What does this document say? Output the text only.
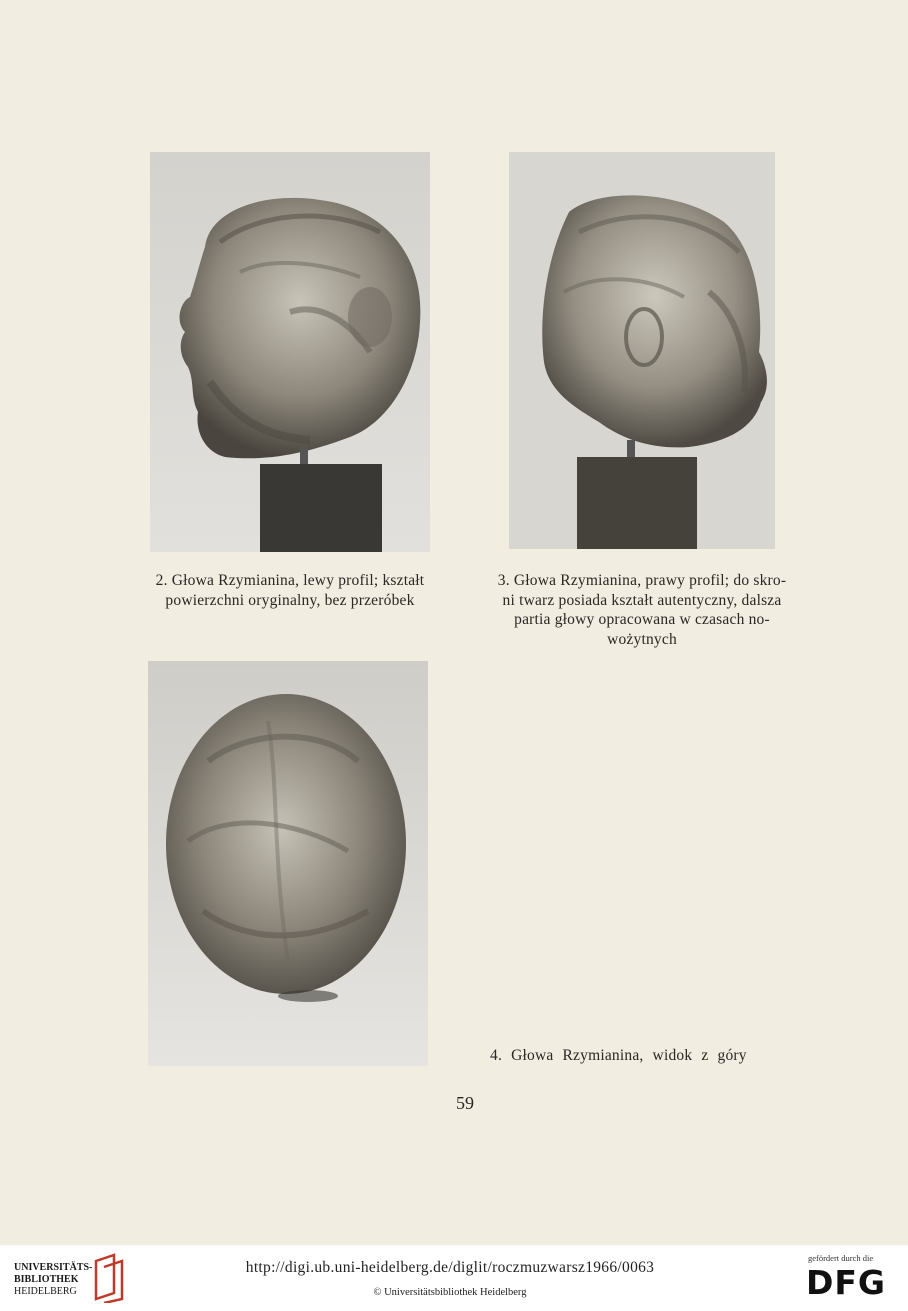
2. Głowa Rzymianina, lewy profil; kształt
powierzchni oryginalny, bez przeróbek
3. Głowa Rzymianina, prawy profil; do skro-
ni twarz posiada kształt autentyczny, dalsza
partia głowy opracowana w czasach no-
wożytnych
4. Głowa Rzymianina, widok z góry
59
UNIVERSITÄTS-
BIBLIOTHEK
HEIDELBERG
http://digi.ub.uni-heidelberg.de/diglit/roczmuzwarsz1966/0063
© Universitätsbibliothek Heidelberg
gefördert durch die
DFG
